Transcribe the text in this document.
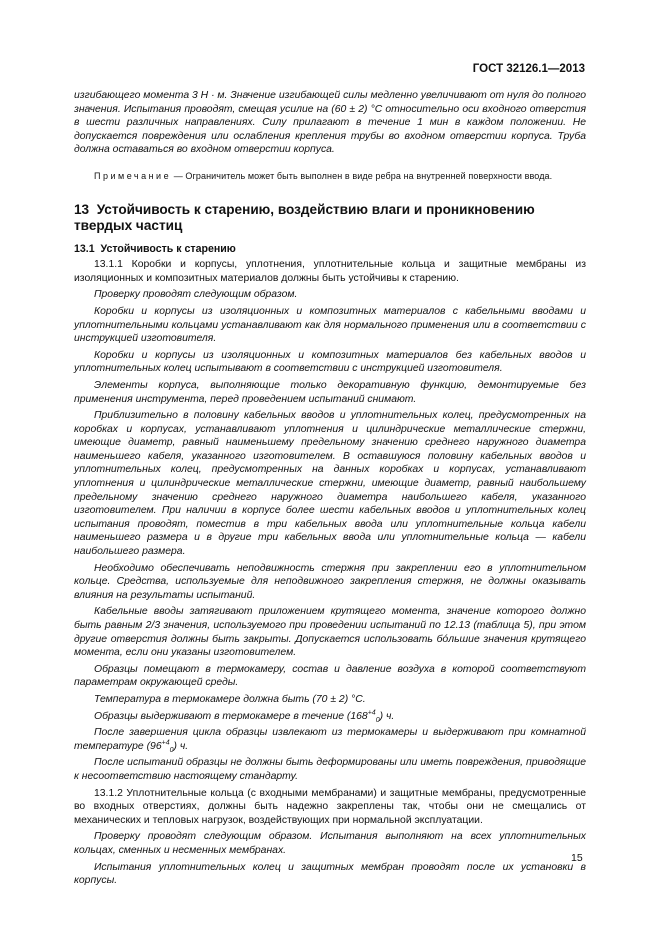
ГОСТ 32126.1—2013

изгибающего момента 3 Н · м. Значение изгибающей силы медленно увеличивают от нуля до полного значения. Испытания проводят, смещая усилие на (60 ± 2) °С относительно оси входного отверстия в шести различных направлениях. Силу прилагают в течение 1 мин в каждом положении. Не допускается повреждения или ослабления крепления трубы во входном отверстии корпуса. Труба должна оставаться во входном отверстии корпуса.

Примечание — Ограничитель может быть выполнен в виде ребра на внутренней поверхности ввода.

13 Устойчивость к старению, воздействию влаги и проникновению твердых частиц
13.1 Устойчивость к старению

13.1.1 Коробки и корпусы, уплотнения, уплотнительные кольца и защитные мембраны из изоляционных и композитных материалов должны быть устойчивы к старению.

Проверку проводят следующим образом.

Коробки и корпусы из изоляционных и композитных материалов с кабельными вводами и уплотнительными кольцами устанавливают как для нормального применения или в соответствии с инструкцией изготовителя.

Коробки и корпусы из изоляционных и композитных материалов без кабельных вводов и уплотнительных колец испытывают в соответствии с инструкцией изготовителя.

Элементы корпуса, выполняющие только декоративную функцию, демонтируемые без применения инструмента, перед проведением испытаний снимают.

Приблизительно в половину кабельных вводов и уплотнительных колец, предусмотренных на коробках и корпусах, устанавливают уплотнения и цилиндрические металлические стержни, имеющие диаметр, равный наименьшему предельному значению среднего наружного диаметра наименьшего кабеля, указанного изготовителем. В оставшуюся половину кабельных вводов и уплотнительных колец, предусмотренных на данных коробках и корпусах, устанавливают уплотнения и цилиндрические металлические стержни, имеющие диаметр, равный наибольшему предельному значению среднего наружного диаметра наибольшего кабеля, указанного изготовителем. При наличии в корпусе более шести кабельных вводов и уплотнительных колец испытания проводят, поместив в три кабельных ввода или уплотнительные кольца кабели наименьшего размера и в другие три кабельных ввода или уплотнительные кольца — кабели наибольшего размера.

Необходимо обеспечивать неподвижность стержня при закреплении его в уплотнительном кольце. Средства, используемые для неподвижного закрепления стержня, не должны оказывать влияния на результаты испытаний.

Кабельные вводы затягивают приложением крутящего момента, значение которого должно быть равным 2/3 значения, используемого при проведении испытаний по 12.13 (таблица 5), при этом другие отверстия должны быть закрыты. Допускается использовать бóльшие значения крутящего момента, если они указаны изготовителем.

Образцы помещают в термокамеру, состав и давление воздуха в которой соответствуют параметрам окружающей среды.

Температура в термокамере должна быть (70 ± 2) °С.

Образцы выдерживают в термокамере в течение $(168^{+4}_0)$ ч.

После завершения цикла образцы извлекают из термокамеры и выдерживают при комнатной температуре $(96^{+4}_0)$ ч.

После испытаний образцы не должны быть деформированы или иметь повреждения, приводящие к несоответствию настоящему стандарту.

13.1.2 Уплотнительные кольца (с входными мембранами) и защитные мембраны, предусмотренные во входных отверстиях, должны быть надежно закреплены так, чтобы они не смещались от механических и тепловых нагрузок, воздействующих при нормальной эксплуатации.

Проверку проводят следующим образом. Испытания выполняют на всех уплотнительных кольцах, сменных и несменных мембранах.

Испытания уплотнительных колец и защитных мембран проводят после их установки в корпусы.

15
